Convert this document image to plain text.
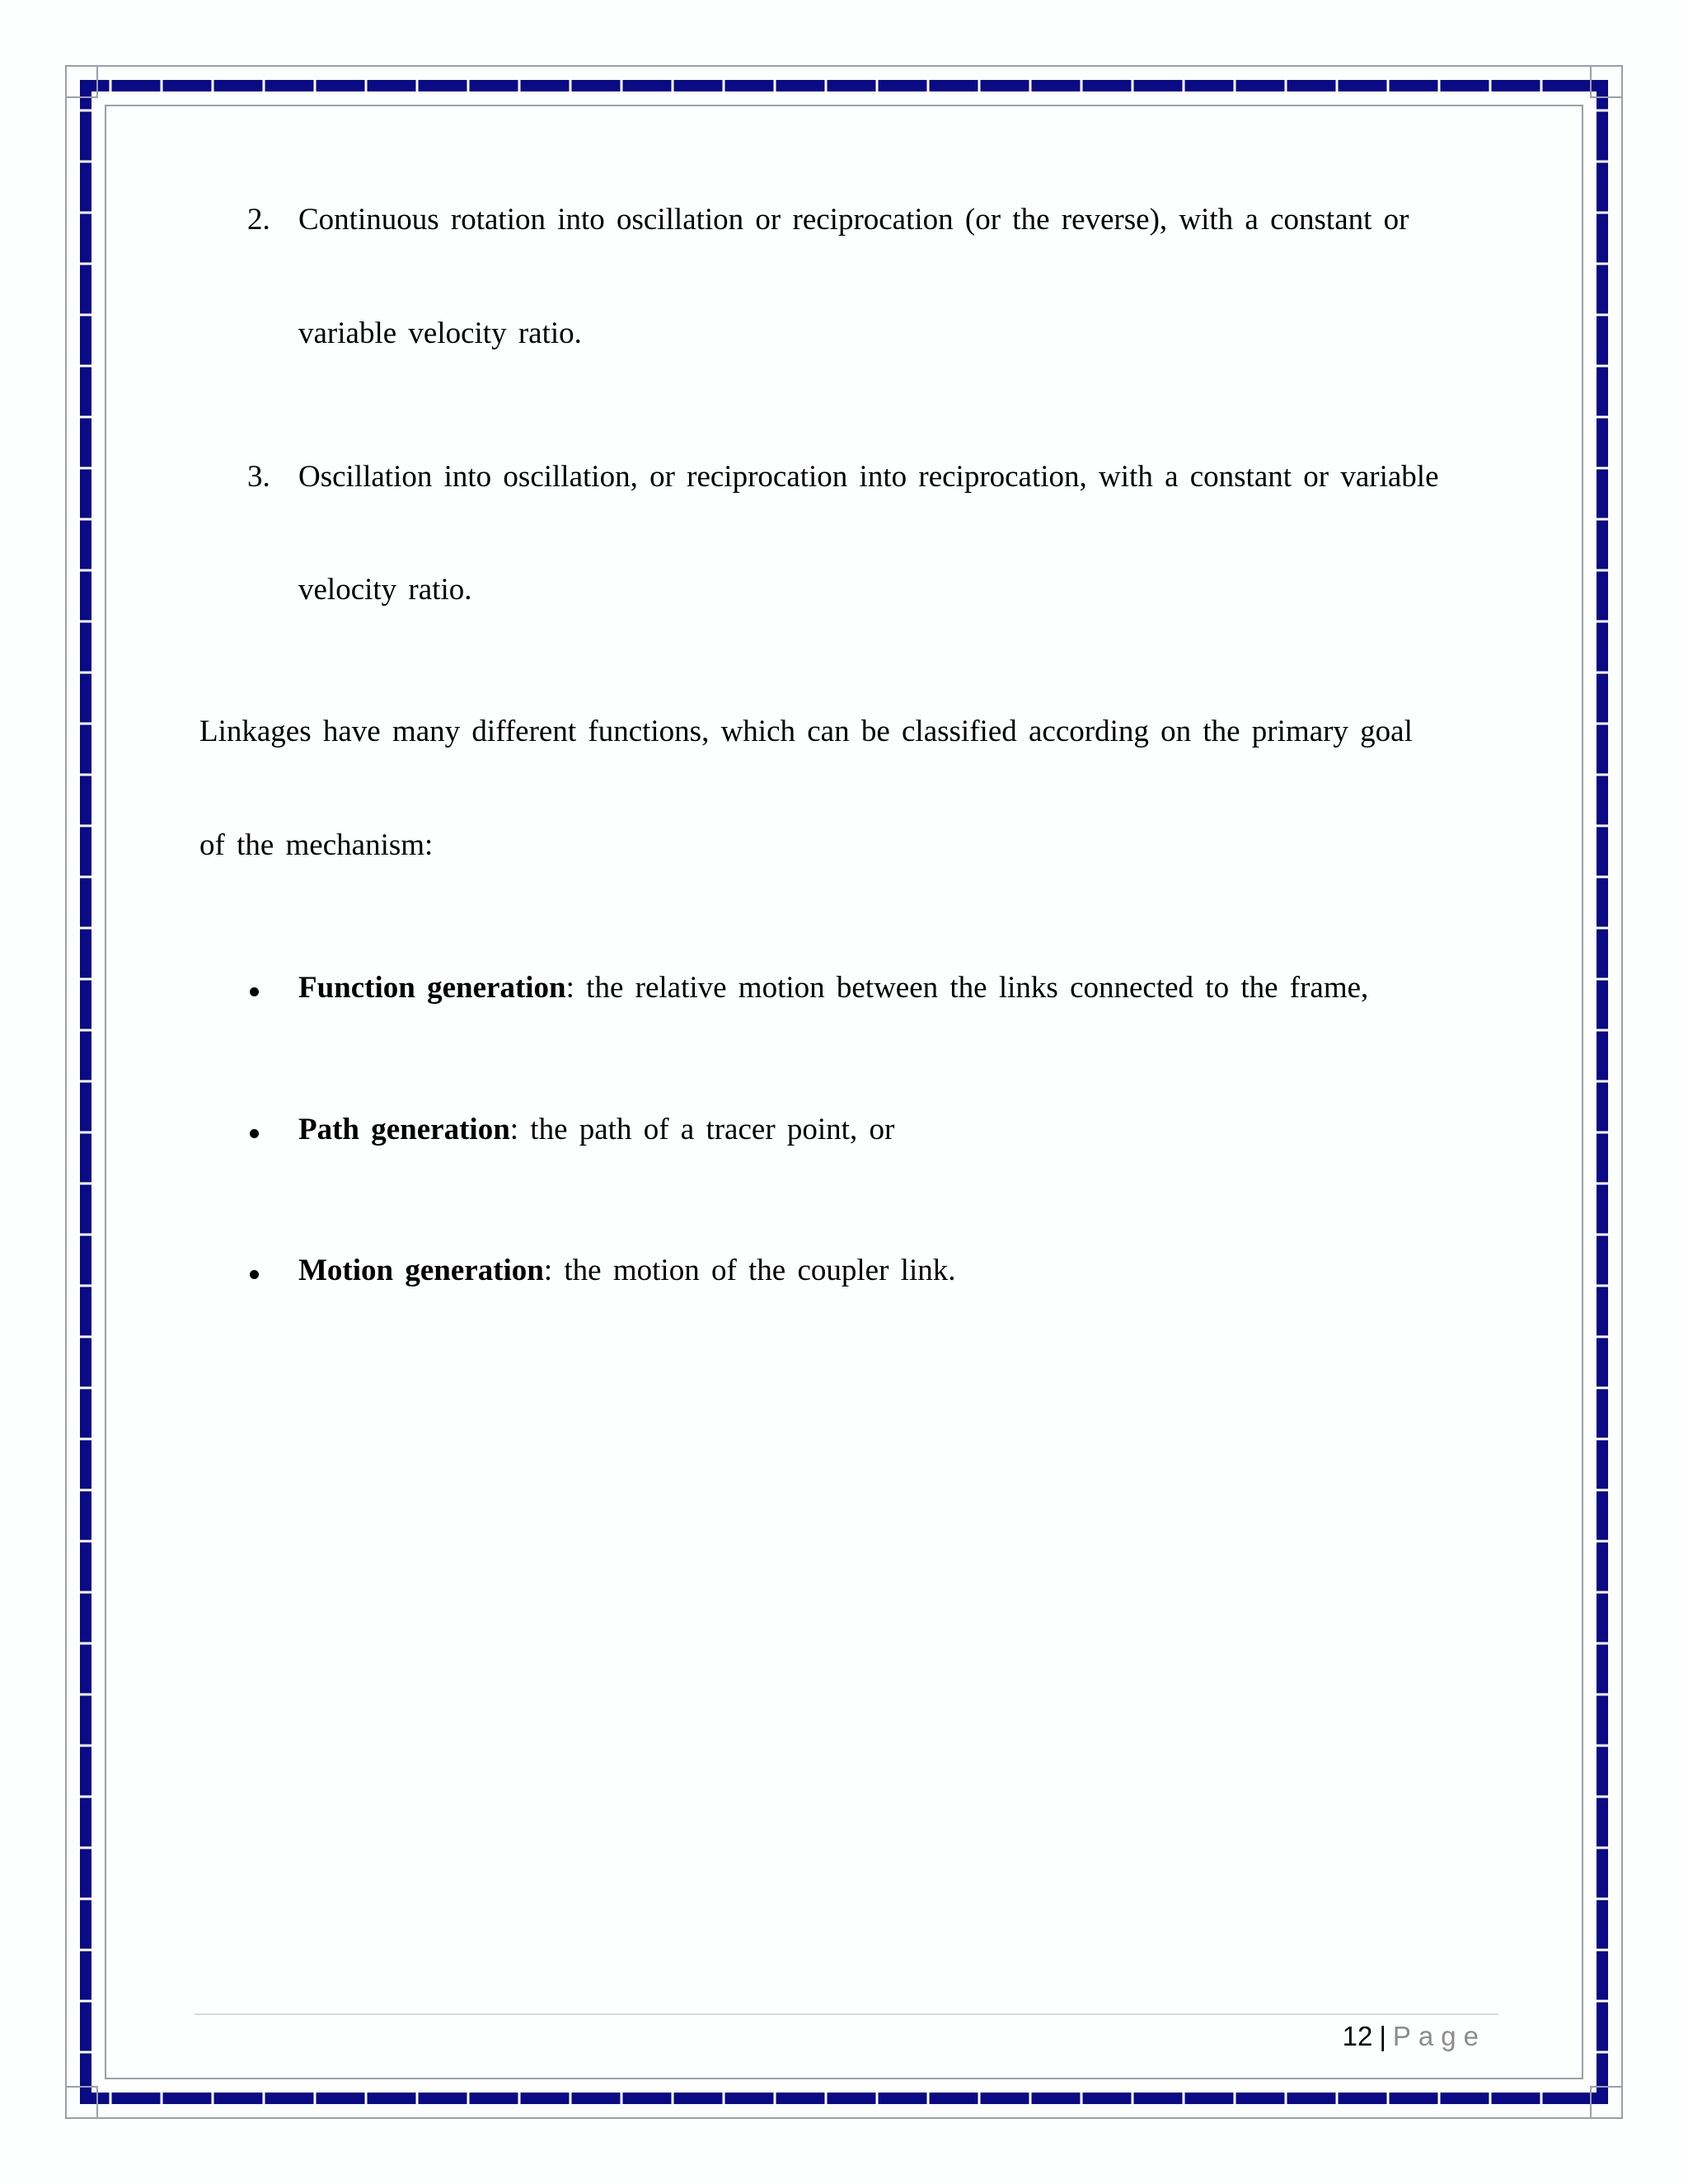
2. Continuous rotation into oscillation or reciprocation (or the reverse), with a constant or
variable velocity ratio.
3. Oscillation into oscillation, or reciprocation into reciprocation, with a constant or variable
velocity ratio.
Linkages have many different functions, which can be classified according on the primary goal
of the mechanism:
Function generation: the relative motion between the links connected to the frame,
Path generation: the path of a tracer point, or
Motion generation: the motion of the coupler link.
12 | Page
